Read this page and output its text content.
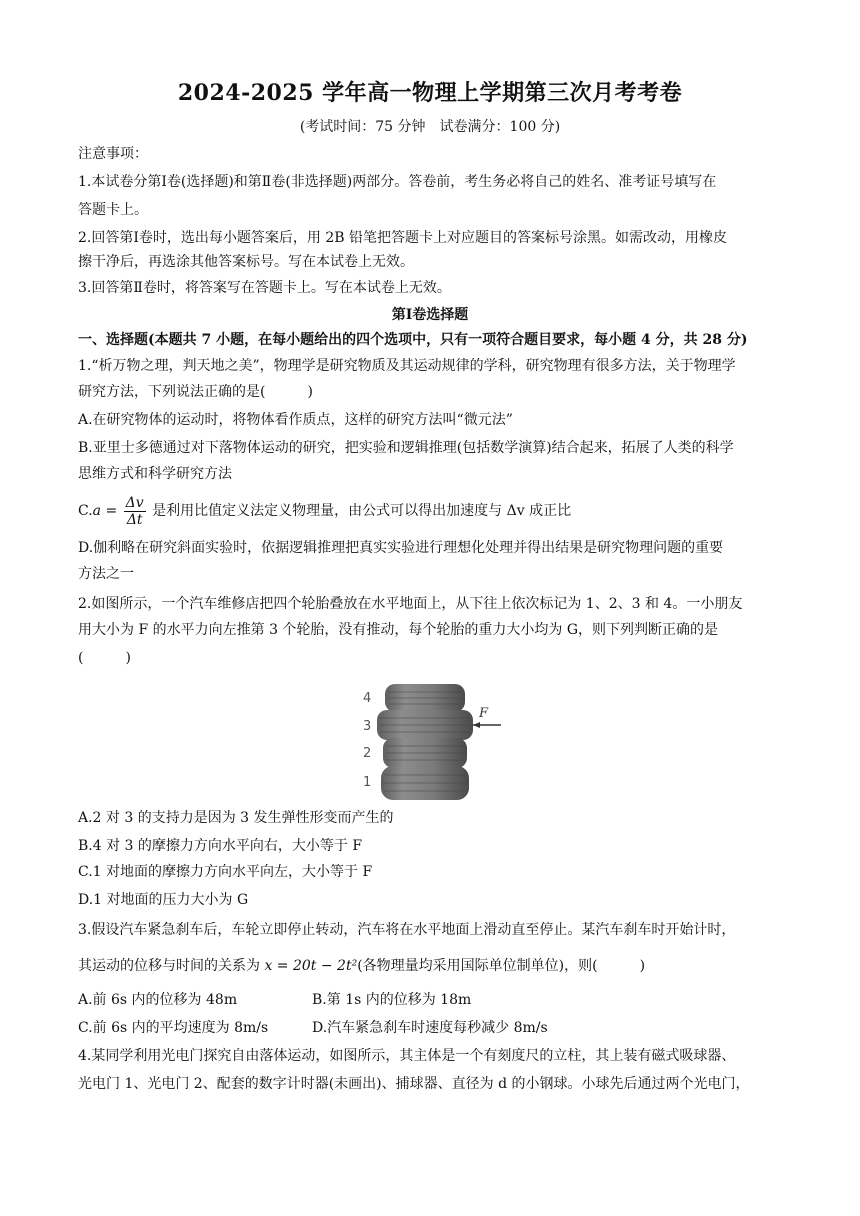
2024-2025 学年高一物理上学期第三次月考考卷
(考试时间：75 分钟　试卷满分：100 分)
注意事项：
1.本试卷分第Ⅰ卷(选择题)和第Ⅱ卷(非选择题)两部分。答卷前，考生务必将自己的姓名、准考证号填写在
答题卡上。
2.回答第Ⅰ卷时，选出每小题答案后，用 2B 铅笔把答题卡上对应题目的答案标号涂黑。如需改动，用橡皮
擦干净后，再选涂其他答案标号。写在本试卷上无效。
3.回答第Ⅱ卷时，将答案写在答题卡上。写在本试卷上无效。
第Ⅰ卷选择题
一、选择题(本题共 7 小题，在每小题给出的四个选项中，只有一项符合题目要求，每小题 4 分，共 28 分)
1.“析万物之理，判天地之美”，物理学是研究物质及其运动规律的学科，研究物理有很多方法，关于物理学
研究方法，下列说法正确的是(　　　)
A.在研究物体的运动时，将物体看作质点，这样的研究方法叫“微元法”
B.亚里士多德通过对下落物体运动的研究，把实验和逻辑推理(包括数学演算)结合起来，拓展了人类的科学
思维方式和科学研究方法
$C.a = \frac{\Delta v}{\Delta t}$ 是利用比值定义法定义物理量，由公式可以得出加速度与 Δv 成正比
D.伽利略在研究斜面实验时，依据逻辑推理把真实实验进行理想化处理并得出结果是研究物理问题的重要
方法之一
2.如图所示，一个汽车维修店把四个轮胎叠放在水平地面上，从下往上依次标记为 1、2、3 和 4。一小朋友
用大小为 F 的水平力向左推第 3 个轮胎，没有推动，每个轮胎的重力大小均为 G，则下列判断正确的是
(　　　)
F
4
3
2
1
A.2 对 3 的支持力是因为 3 发生弹性形变而产生的
B.4 对 3 的摩擦力方向水平向右，大小等于 F
C.1 对地面的摩擦力方向水平向左，大小等于 F
D.1 对地面的压力大小为 G
3.假设汽车紧急刹车后，车轮立即停止转动，汽车将在水平地面上滑动直至停止。某汽车刹车时开始计时，
其运动的位移与时间的关系为 x = 20t − 2t²(各物理量均采用国际单位制单位)，则(　　　)
A.前 6s 内的位移为 48m	B.第 1s 内的位移为 18m
C.前 6s 内的平均速度为 8m/s	D.汽车紧急刹车时速度每秒减少 8m/s
4.某同学利用光电门探究自由落体运动，如图所示，其主体是一个有刻度尺的立柱，其上装有磁式吸球器、
光电门 1、光电门 2、配套的数字计时器(未画出)、捕球器、直径为 d 的小钢球。小球先后通过两个光电门，
